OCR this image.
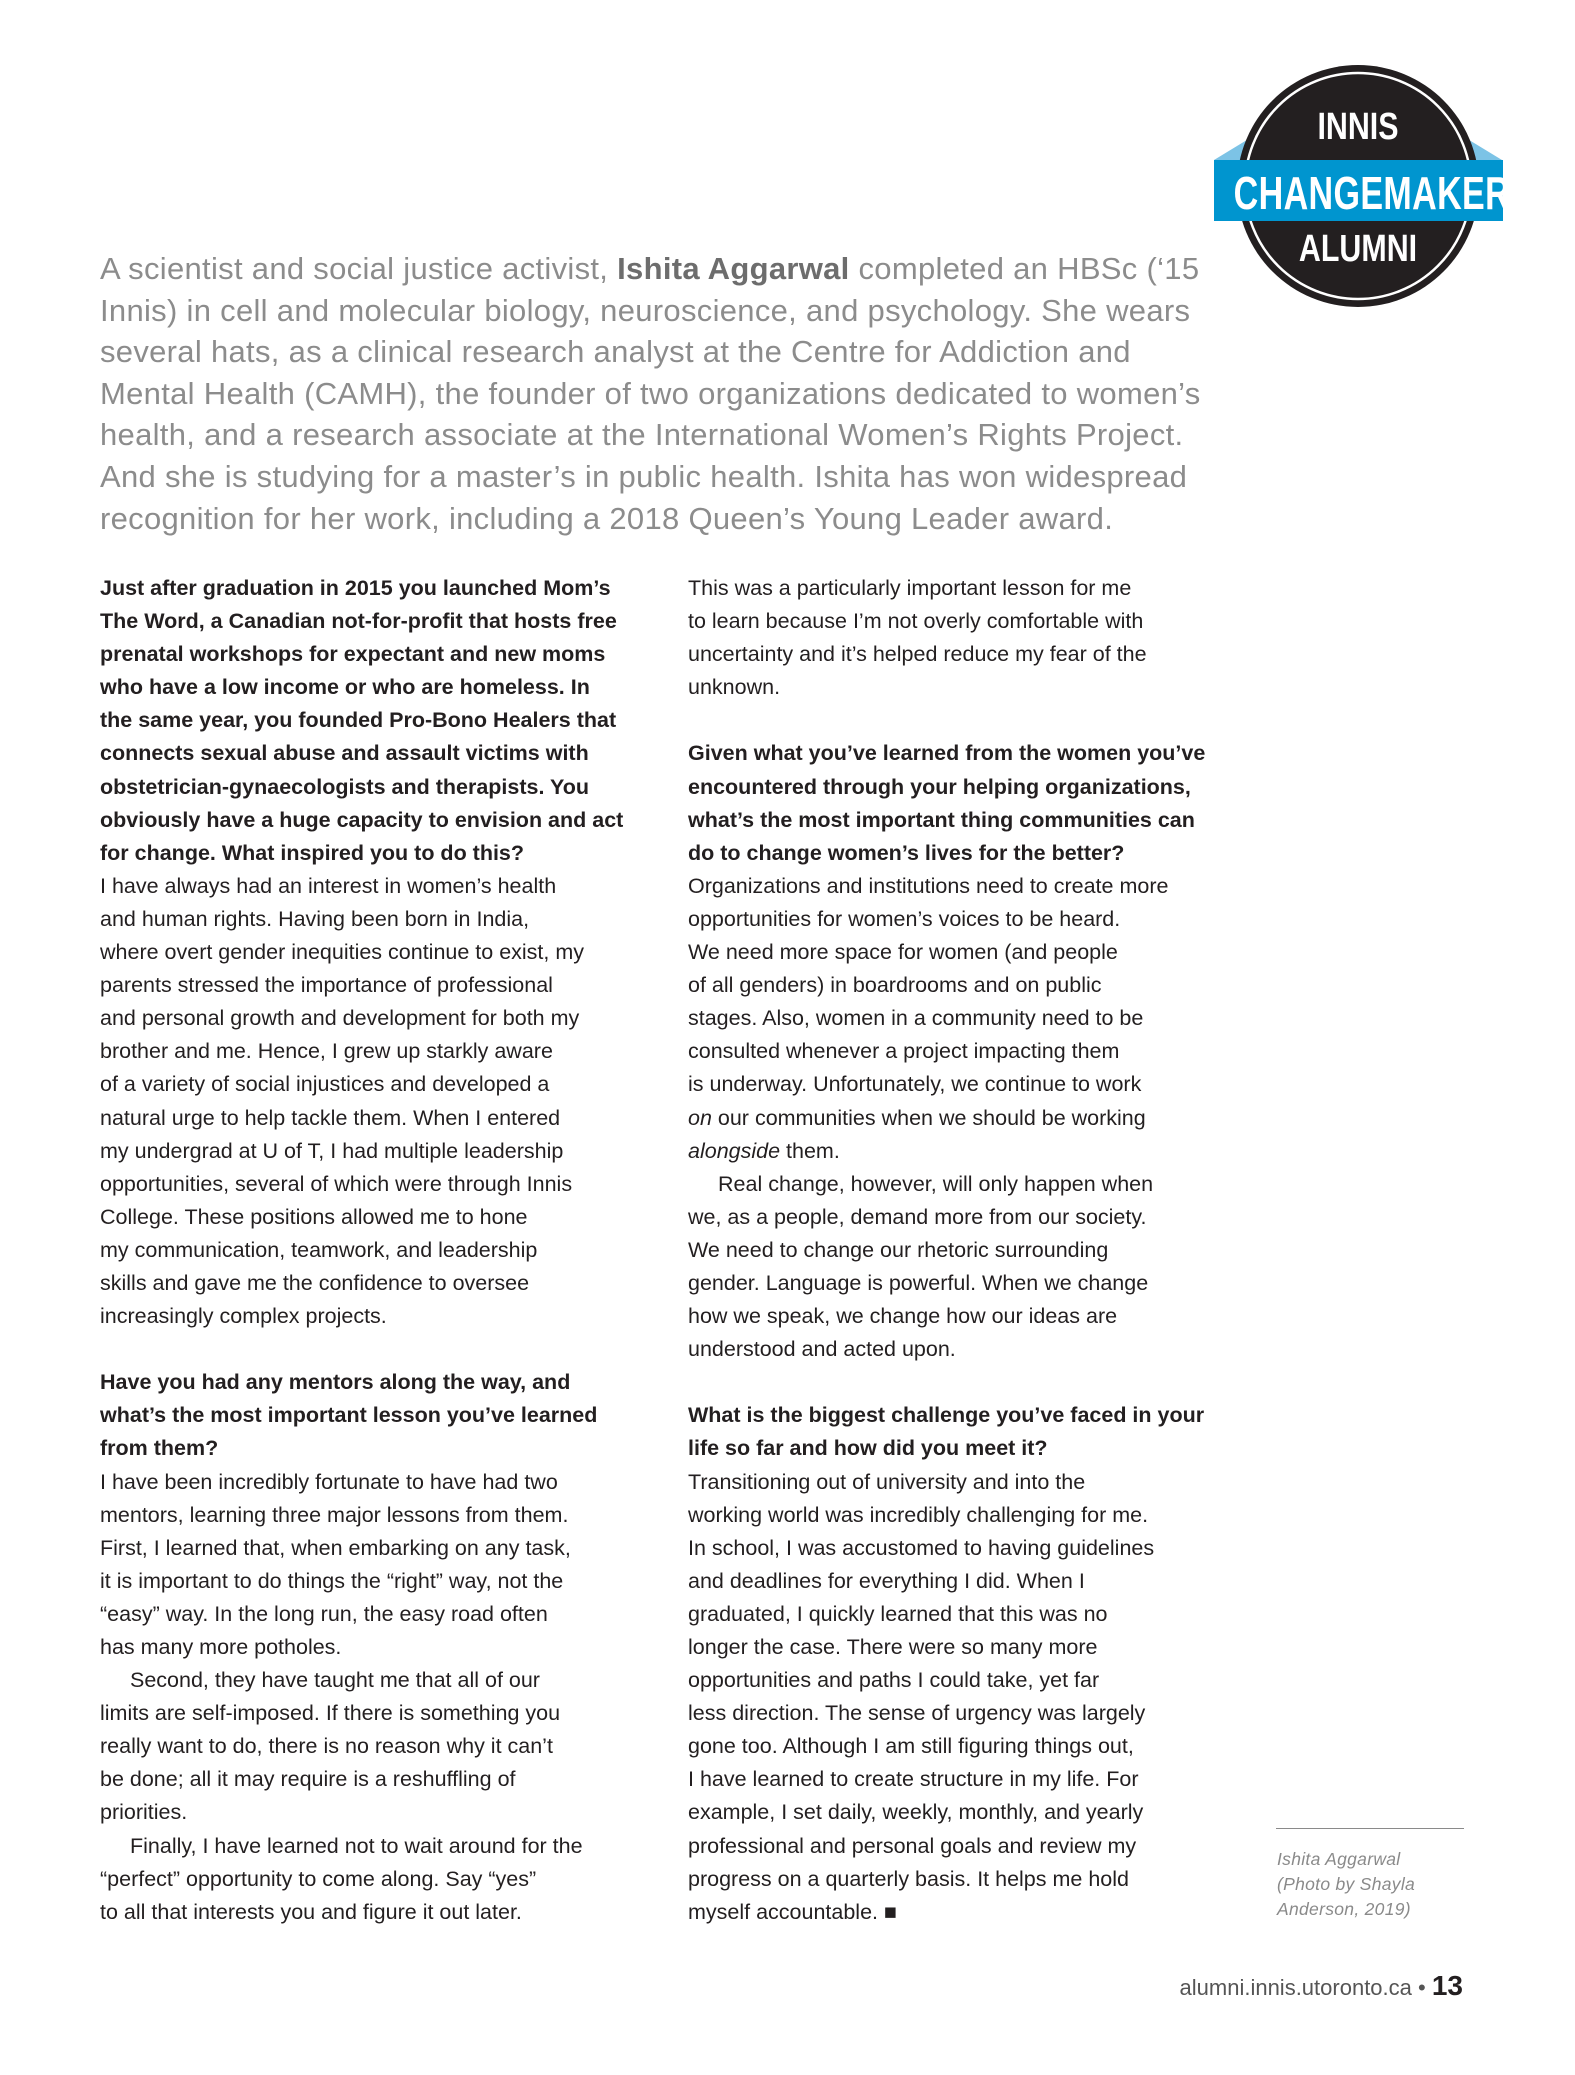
INNIS
CHANGEMAKERS
ALUMNI
A scientist and social justice activist, Ishita Aggarwal completed an HBSc (‘15
Innis) in cell and molecular biology, neuroscience, and psychology. She wears
several hats, as a clinical research analyst at the Centre for Addiction and
Mental Health (CAMH), the founder of two organizations dedicated to women’s
health, and a research associate at the International Women’s Rights Project.
And she is studying for a master’s in public health. Ishita has won widespread
recognition for her work, including a 2018 Queen’s Young Leader award.
Just after graduation in 2015 you launched Mom’s
The Word, a Canadian not-for-profit that hosts free
prenatal workshops for expectant and new moms
who have a low income or who are homeless. In
the same year, you founded Pro-Bono Healers that
connects sexual abuse and assault victims with
obstetrician-gynaecologists and therapists. You
obviously have a huge capacity to envision and act
for change. What inspired you to do this?
I have always had an interest in women’s health
and human rights. Having been born in India,
where overt gender inequities continue to exist, my
parents stressed the importance of professional
and personal growth and development for both my
brother and me. Hence, I grew up starkly aware
of a variety of social injustices and developed a
natural urge to help tackle them. When I entered
my undergrad at U of T, I had multiple leadership
opportunities, several of which were through Innis
College. These positions allowed me to hone
my communication, teamwork, and leadership
skills and gave me the confidence to oversee
increasingly complex projects.
Have you had any mentors along the way, and
what’s the most important lesson you’ve learned
from them?
I have been incredibly fortunate to have had two
mentors, learning three major lessons from them.
First, I learned that, when embarking on any task,
it is important to do things the “right” way, not the
“easy” way. In the long run, the easy road often
has many more potholes.
Second, they have taught me that all of our
limits are self-imposed. If there is something you
really want to do, there is no reason why it can’t
be done; all it may require is a reshuffling of
priorities.
Finally, I have learned not to wait around for the
“perfect” opportunity to come along. Say “yes”
to all that interests you and figure it out later.
This was a particularly important lesson for me
to learn because I’m not overly comfortable with
uncertainty and it’s helped reduce my fear of the
unknown.
Given what you’ve learned from the women you’ve
encountered through your helping organizations,
what’s the most important thing communities can
do to change women’s lives for the better?
Organizations and institutions need to create more
opportunities for women’s voices to be heard.
We need more space for women (and people
of all genders) in boardrooms and on public
stages. Also, women in a community need to be
consulted whenever a project impacting them
is underway. Unfortunately, we continue to work
on our communities when we should be working
alongside them.
Real change, however, will only happen when
we, as a people, demand more from our society.
We need to change our rhetoric surrounding
gender. Language is powerful. When we change
how we speak, we change how our ideas are
understood and acted upon.
What is the biggest challenge you’ve faced in your
life so far and how did you meet it?
Transitioning out of university and into the
working world was incredibly challenging for me.
In school, I was accustomed to having guidelines
and deadlines for everything I did. When I
graduated, I quickly learned that this was no
longer the case. There were so many more
opportunities and paths I could take, yet far
less direction. The sense of urgency was largely
gone too. Although I am still figuring things out,
I have learned to create structure in my life. For
example, I set daily, weekly, monthly, and yearly
professional and personal goals and review my
progress on a quarterly basis. It helps me hold
myself accountable. ■
Ishita Aggarwal
(Photo by Shayla
Anderson, 2019)
alumni.innis.utoronto.ca • 13
